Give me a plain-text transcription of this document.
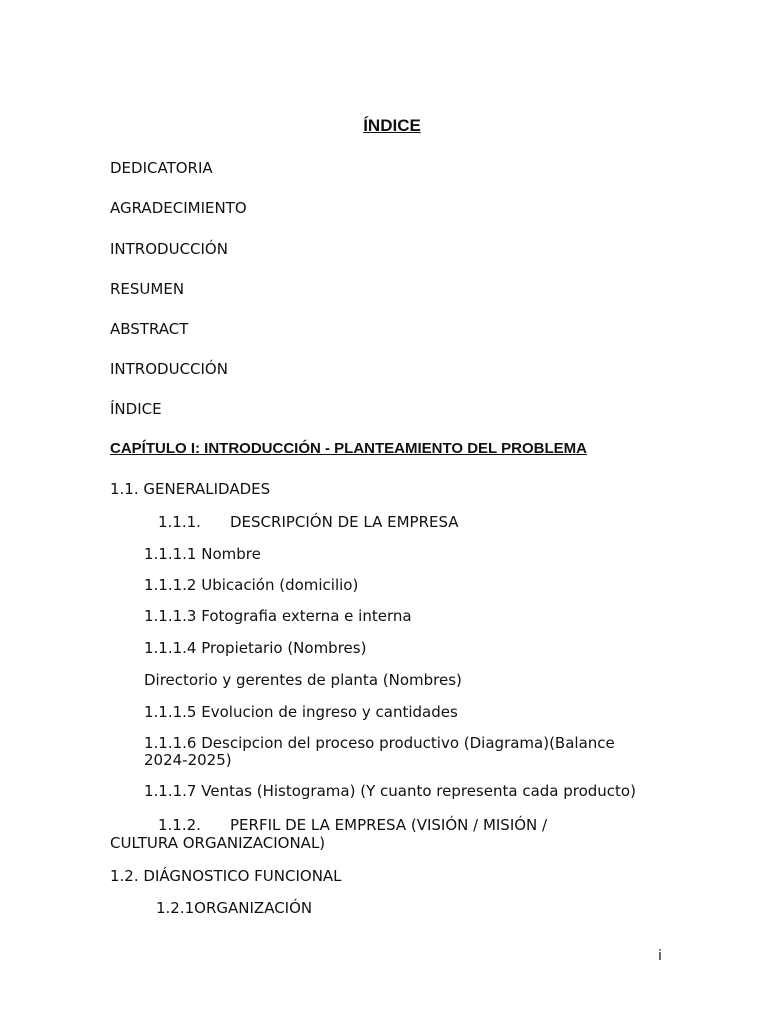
ÍNDICE

DEDICATORIA

AGRADECIMIENTO

INTRODUCCIÓN

RESUMEN

ABSTRACT

INTRODUCCIÓN

ÍNDICE

CAPÍTULO I: INTRODUCCIÓN - PLANTEAMIENTO DEL PROBLEMA

1.1. GENERALIDADES

1.1.1. DESCRIPCIÓN DE LA EMPRESA

1.1.1.1 Nombre

1.1.1.2 Ubicación (domicilio)

1.1.1.3 Fotografia externa e interna

1.1.1.4 Propietario (Nombres)

Directorio y gerentes de planta (Nombres)

1.1.1.5 Evolucion de ingreso y cantidades

1.1.1.6 Descipcion del proceso productivo (Diagrama)(Balance

2024-2025)

1.1.1.7 Ventas (Histograma) (Y cuanto representa cada producto)

1.1.2. PERFIL DE LA EMPRESA (VISIÓN / MISIÓN /

CULTURA ORGANIZACIONAL)

1.2. DIÁGNOSTICO FUNCIONAL

1.2.1ORGANIZACIÓN

i
